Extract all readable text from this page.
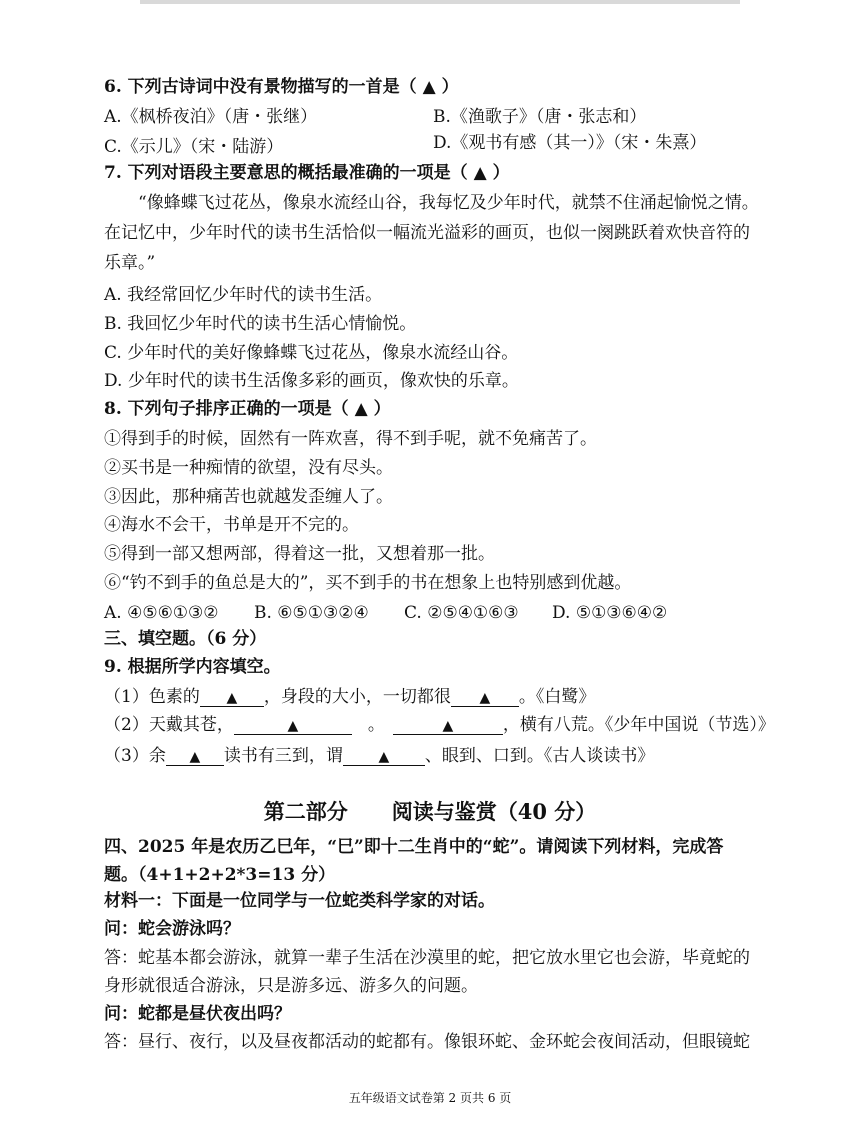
6. 下列古诗词中没有景物描写的一首是（ ▲ ）
A.《枫桥夜泊》（唐・张继）	B.《渔歌子》（唐・张志和）
C.《示儿》（宋・陆游）	D.《观书有感（其一）》（宋・朱熹）
7. 下列对语段主要意思的概括最准确的一项是（ ▲ ）
“像蜂蝶飞过花丛，像泉水流经山谷，我每忆及少年时代，就禁不住涌起愉悦之情。
在记忆中，少年时代的读书生活恰似一幅流光溢彩的画页，也似一阕跳跃着欢快音符的
乐章。”
A. 我经常回忆少年时代的读书生活。
B. 我回忆少年时代的读书生活心情愉悦。
C. 少年时代的美好像蜂蝶飞过花丛，像泉水流经山谷。
D. 少年时代的读书生活像多彩的画页，像欢快的乐章。
8. 下列句子排序正确的一项是（ ▲ ）
①得到手的时候，固然有一阵欢喜，得不到手呢，就不免痛苦了。
②买书是一种痴情的欲望，没有尽头。
③因此，那种痛苦也就越发歪缠人了。
④海水不会干，书单是开不完的。
⑤得到一部又想两部，得着这一批，又想着那一批。
⑥“钓不到手的鱼总是大的”，买不到手的书在想象上也特别感到优越。
A. ④⑤⑥①③② B. ⑥⑤①③②④ C. ②⑤④①⑥③ D. ⑤①③⑥④②
三、填空题。（6 分）
9. 根据所学内容填空。
（1）色素的 ▲ ，身段的大小，一切都很 ▲ 。《白鹭》
（2）天戴其苍，	▲	。	▲	，横有八荒。《少年中国说（节选）》
（3）余 ▲ 读书有三到，谓	▲ 、眼到、口到。《古人谈读书》
第二部分 阅读与鉴赏（40 分）
四、2025 年是农历乙巳年，“巳”即十二生肖中的“蛇”。请阅读下列材料，完成答
题。（4+1+2+2*3=13 分）
材料一：下面是一位同学与一位蛇类科学家的对话。
问：蛇会游泳吗？
答：蛇基本都会游泳，就算一辈子生活在沙漠里的蛇，把它放水里它也会游，毕竟蛇的
身形就很适合游泳，只是游多远、游多久的问题。
问：蛇都是昼伏夜出吗？
答：昼行、夜行，以及昼夜都活动的蛇都有。像银环蛇、金环蛇会夜间活动，但眼镜蛇
五年级语文试卷第 2 页共 6 页
